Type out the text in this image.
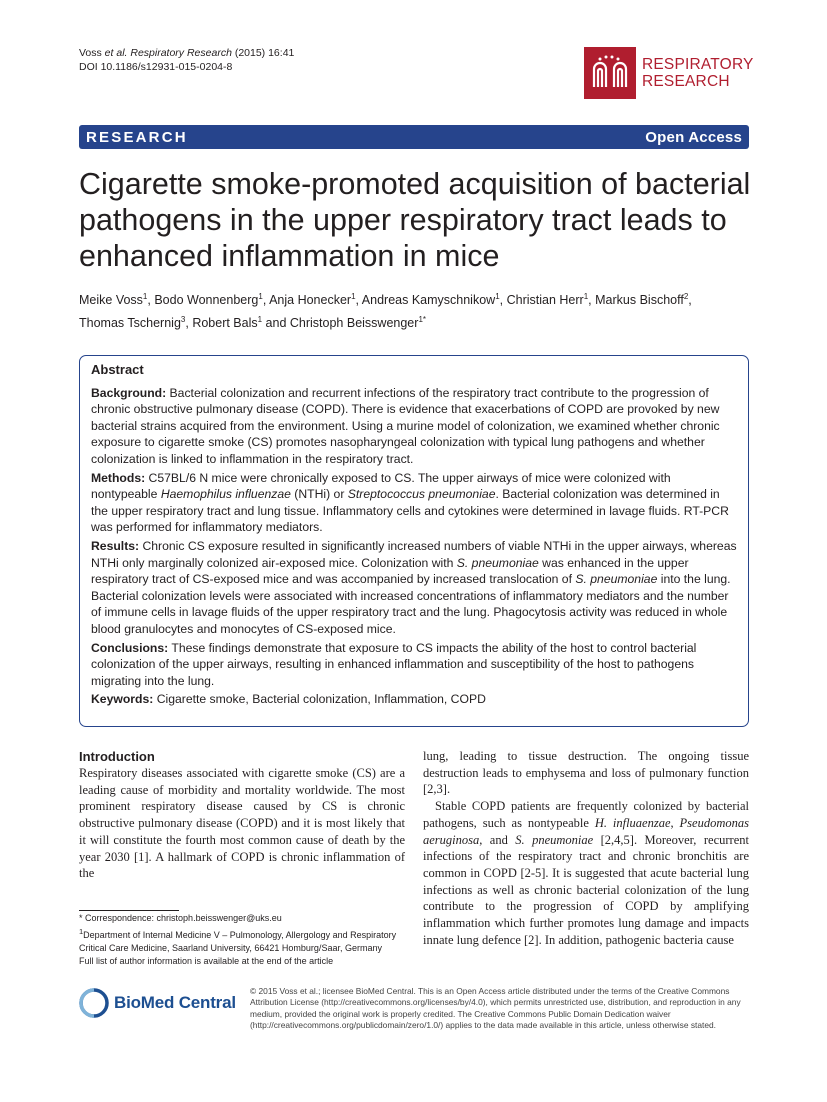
Voss et al. Respiratory Research (2015) 16:41
DOI 10.1186/s12931-015-0204-8	RESPIRATORY
RESEARCH
RESEARCH	Open Access
Cigarette smoke-promoted acquisition of bacterial pathogens in the upper respiratory tract leads to enhanced inflammation in mice
Meike Voss$^1$, Bodo Wonnenberg$^1$, Anja Honecker$^1$, Andreas Kamyschnikow$^1$, Christian Herr$^1$, Markus Bischoff$^2$,
Thomas Tschernig$^3$, Robert Bals$^1$ and Christoph Beisswenger$^{1*}$
Abstract

Background: Bacterial colonization and recurrent infections of the respiratory tract contribute to the progression of chronic obstructive pulmonary disease (COPD). There is evidence that exacerbations of COPD are provoked by new bacterial strains acquired from the environment. Using a murine model of colonization, we examined whether chronic exposure to cigarette smoke (CS) promotes nasopharyngeal colonization with typical lung pathogens and whether colonization is linked to inflammation in the respiratory tract.

Methods: C57BL/6 N mice were chronically exposed to CS. The upper airways of mice were colonized with nontypeable Haemophilus influenzae (NTHi) or Streptococcus pneumoniae. Bacterial colonization was determined in the upper respiratory tract and lung tissue. Inflammatory cells and cytokines were determined in lavage fluids. RT-PCR was performed for inflammatory mediators.

Results: Chronic CS exposure resulted in significantly increased numbers of viable NTHi in the upper airways, whereas NTHi only marginally colonized air-exposed mice. Colonization with S. pneumoniae was enhanced in the upper respiratory tract of CS-exposed mice and was accompanied by increased translocation of S. pneumoniae into the lung. Bacterial colonization levels were associated with increased concentrations of inflammatory mediators and the number of immune cells in lavage fluids of the upper respiratory tract and the lung. Phagocytosis activity was reduced in whole blood granulocytes and monocytes of CS-exposed mice.

Conclusions: These findings demonstrate that exposure to CS impacts the ability of the host to control bacterial colonization of the upper airways, resulting in enhanced inflammation and susceptibility of the host to pathogens migrating into the lung.

Keywords: Cigarette smoke, Bacterial colonization, Inflammation, COPD

Introduction

Respiratory diseases associated with cigarette smoke (CS) are a leading cause of morbidity and mortality worldwide. The most prominent respiratory disease caused by CS is chronic obstructive pulmonary disease (COPD) and it is most likely that it will constitute the fourth most common cause of death by the year 2030 [1]. A hallmark of COPD is chronic inflammation of the

lung, leading to tissue destruction. The ongoing tissue destruction leads to emphysema and loss of pulmonary function [2,3].

Stable COPD patients are frequently colonized by bacterial pathogens, such as nontypeable H. influaenzae, Pseudomonas aeruginosa, and S. pneumoniae [2,4,5]. Moreover, recurrent infections of the respiratory tract and chronic bronchitis are common in COPD [2-5]. It is suggested that acute bacterial lung infections as well as chronic bacterial colonization of the lung contribute to the progression of COPD by amplifying inflammation which further promotes lung damage and impacts innate lung defence [2]. In addition, pathogenic bacteria cause

* Correspondence: christoph.beisswenger@uks.eu
$^1$Department of Internal Medicine V – Pulmonology, Allergology and Respiratory Critical Care Medicine, Saarland University, 66421 Homburg/Saar, Germany
Full list of author information is available at the end of the article
BioMed Central
© 2015 Voss et al.; licensee BioMed Central. This is an Open Access article distributed under the terms of the Creative Commons Attribution License (http://creativecommons.org/licenses/by/4.0), which permits unrestricted use, distribution, and reproduction in any medium, provided the original work is properly credited. The Creative Commons Public Domain Dedication waiver (http://creativecommons.org/publicdomain/zero/1.0/) applies to the data made available in this article, unless otherwise stated.
